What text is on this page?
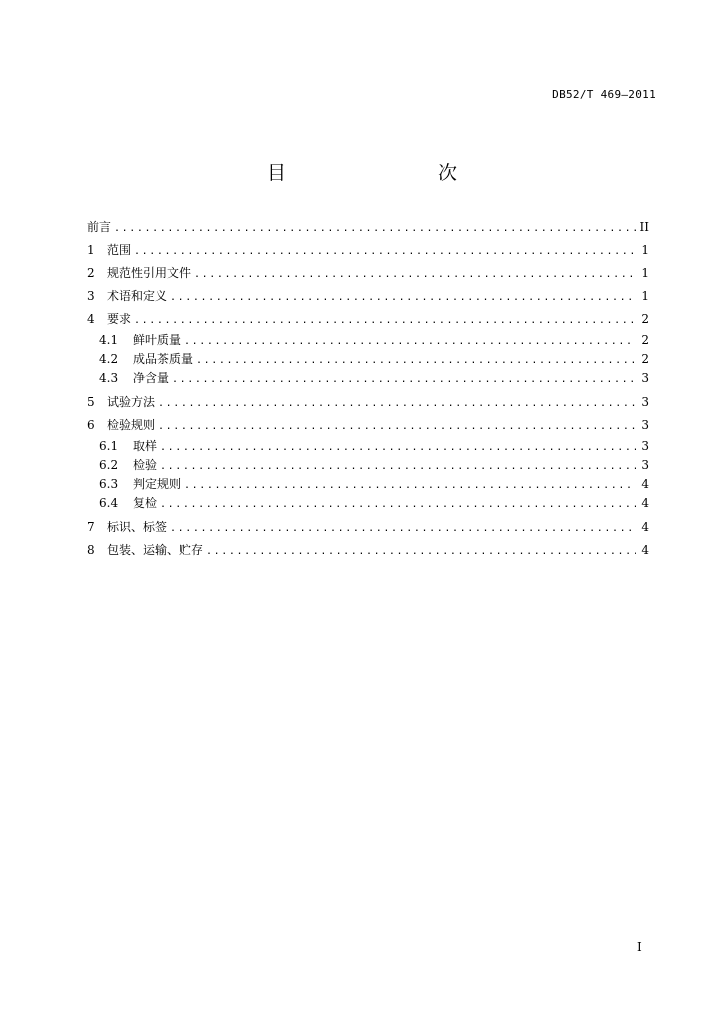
DB52/T 469—2011
目　　次
前言 .....	II
1	范围 .....	1
2	规范性引用文件 .....	1
3	术语和定义 .....	1
4	要求 .....	2
4.1	鲜叶质量 .....	2
4.2	成品茶质量 .....	2
4.3	净含量 .....	3
5	试验方法 .....	3
6	检验规则 .....	3
6.1	取样 .....	3
6.2	检验 .....	3
6.3	判定规则 .....	4
6.4	复检 .....	4
7	标识、标签 .....	4
8	包装、运输、贮存 .....	4
I
